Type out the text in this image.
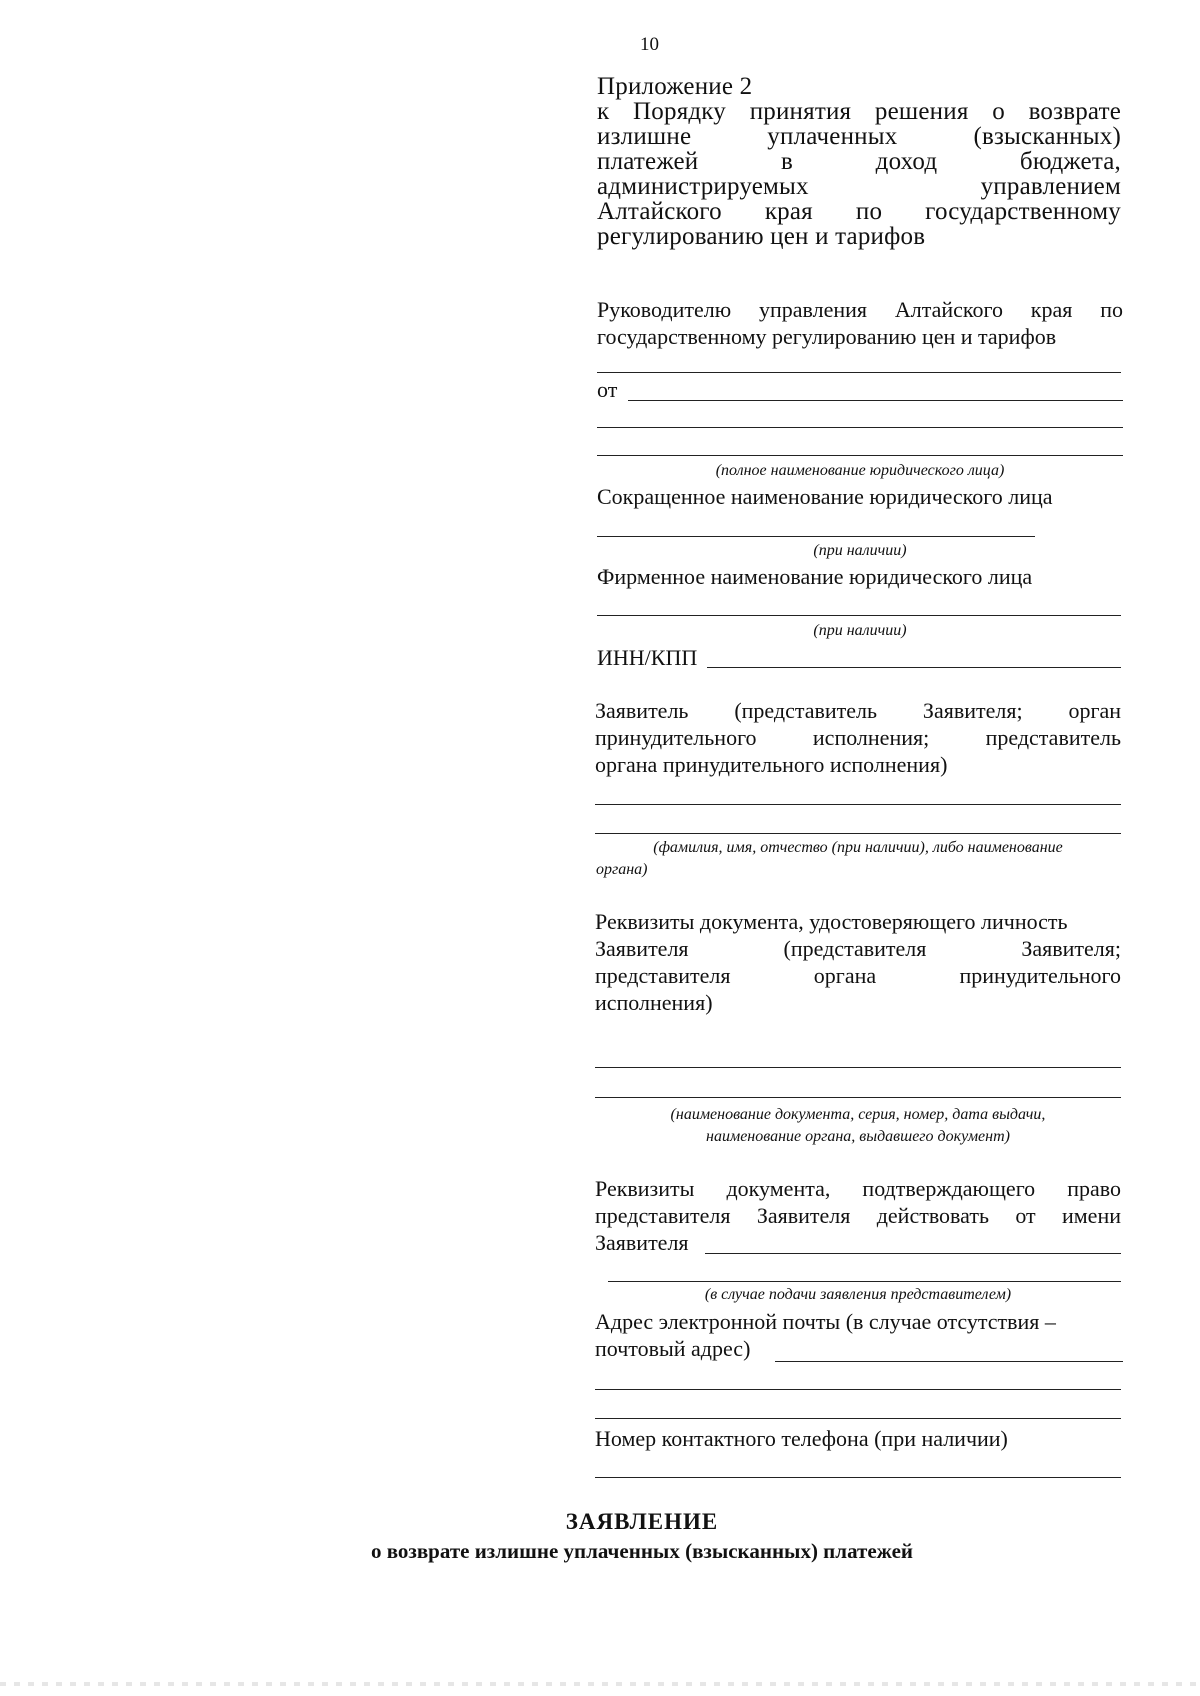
10
Приложение 2
к Порядку принятия решения о возврате
излишне уплаченных (взысканных)
платежей в доход бюджета,
администрируемых управлением
Алтайского края по государственному
регулированию цен и тарифов
Руководителю управления Алтайского края по
государственному регулированию цен и тарифов
от
(полное наименование юридического лица)
Сокращенное наименование юридического лица
(при наличии)
Фирменное наименование юридического лица
(при наличии)
ИНН/КПП
Заявитель (представитель Заявителя; орган
принудительного исполнения; представитель
органа принудительного исполнения)
(фамилия, имя, отчество (при наличии), либо наименование
органа)
Реквизиты документа, удостоверяющего личность
Заявителя (представителя Заявителя;
представителя органа принудительного
исполнения)
(наименование документа, серия, номер, дата выдачи,
наименование органа, выдавшего документ)
Реквизиты документа, подтверждающего право
представителя Заявителя действовать от имени
Заявителя
(в случае подачи заявления представителем)
Адрес электронной почты (в случае отсутствия –
почтовый адрес)
Номер контактного телефона (при наличии)
ЗАЯВЛЕНИЕ
о возврате излишне уплаченных (взысканных) платежей
